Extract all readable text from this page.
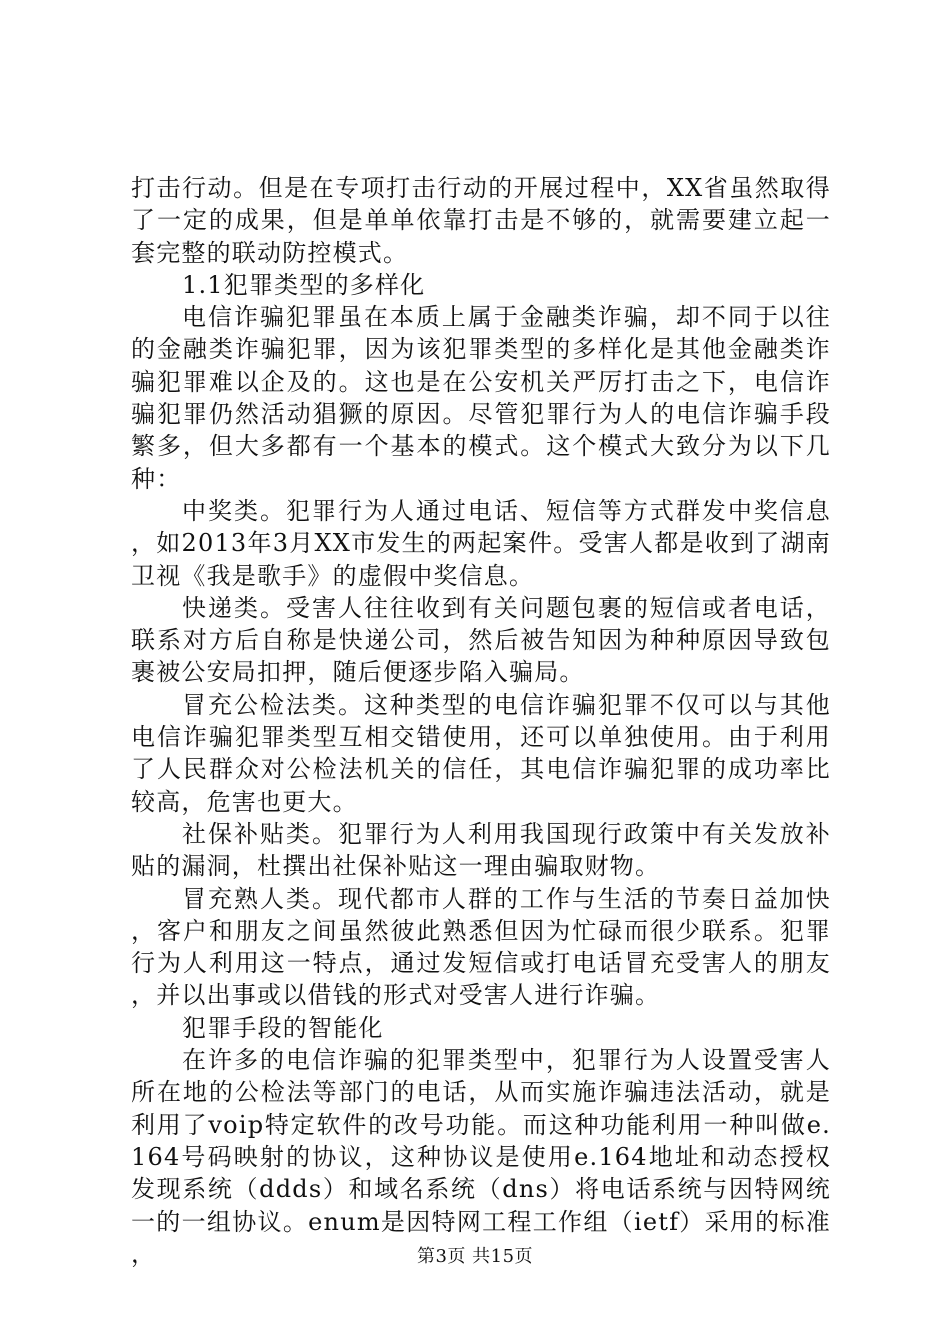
打击行动。但是在专项打击行动的开展过程中，XX省虽然取得了一定的成果，但是单单依靠打击是不够的，就需要建立起一套完整的联动防控模式。

1.1犯罪类型的多样化

电信诈骗犯罪虽在本质上属于金融类诈骗，却不同于以往的金融类诈骗犯罪，因为该犯罪类型的多样化是其他金融类诈骗犯罪难以企及的。这也是在公安机关严厉打击之下，电信诈骗犯罪仍然活动猖獗的原因。尽管犯罪行为人的电信诈骗手段繁多，但大多都有一个基本的模式。这个模式大致分为以下几种：

中奖类。犯罪行为人通过电话、短信等方式群发中奖信息，如2013年3月XX市发生的两起案件。受害人都是收到了湖南卫视《我是歌手》的虚假中奖信息。

快递类。受害人往往收到有关问题包裹的短信或者电话，联系对方后自称是快递公司，然后被告知因为种种原因导致包裹被公安局扣押，随后便逐步陷入骗局。

冒充公检法类。这种类型的电信诈骗犯罪不仅可以与其他电信诈骗犯罪类型互相交错使用，还可以单独使用。由于利用了人民群众对公检法机关的信任，其电信诈骗犯罪的成功率比较高，危害也更大。

社保补贴类。犯罪行为人利用我国现行政策中有关发放补贴的漏洞，杜撰出社保补贴这一理由骗取财物。

冒充熟人类。现代都市人群的工作与生活的节奏日益加快，客户和朋友之间虽然彼此熟悉但因为忙碌而很少联系。犯罪行为人利用这一特点，通过发短信或打电话冒充受害人的朋友，并以出事或以借钱的形式对受害人进行诈骗。

犯罪手段的智能化

在许多的电信诈骗的犯罪类型中，犯罪行为人设置受害人所在地的公检法等部门的电话，从而实施诈骗违法活动，就是利用了voip特定软件的改号功能。而这种功能利用一种叫做e.164号码映射的协议，这种协议是使用e.164地址和动态授权发现系统（ddds）和域名系统（dns）将电话系统与因特网统一的一组协议。enum是因特网工程工作组（ietf）采用的标准，	第3页 共15页
